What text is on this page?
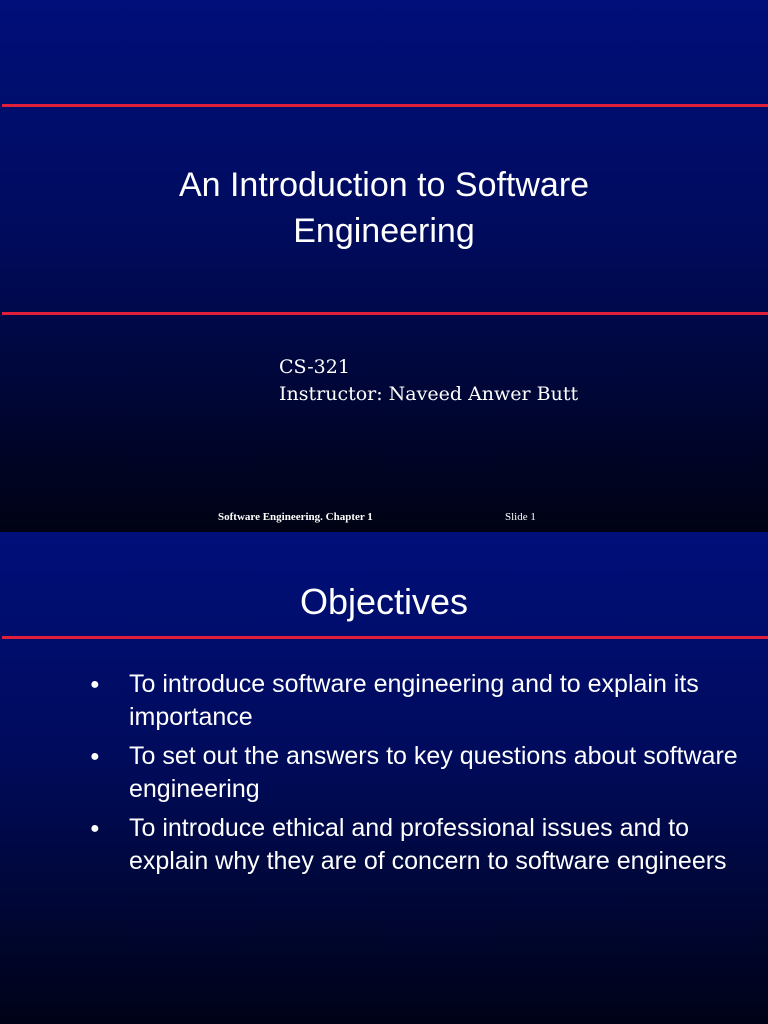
An Introduction to Software
Engineering
CS-321
Instructor: Naveed Anwer Butt
Software Engineering. Chapter 1	Slide 1
Objectives
● To introduce software engineering and to explain its importance
● To set out the answers to key questions about software engineering
● To introduce ethical and professional issues and to explain why they are of concern to software engineers
